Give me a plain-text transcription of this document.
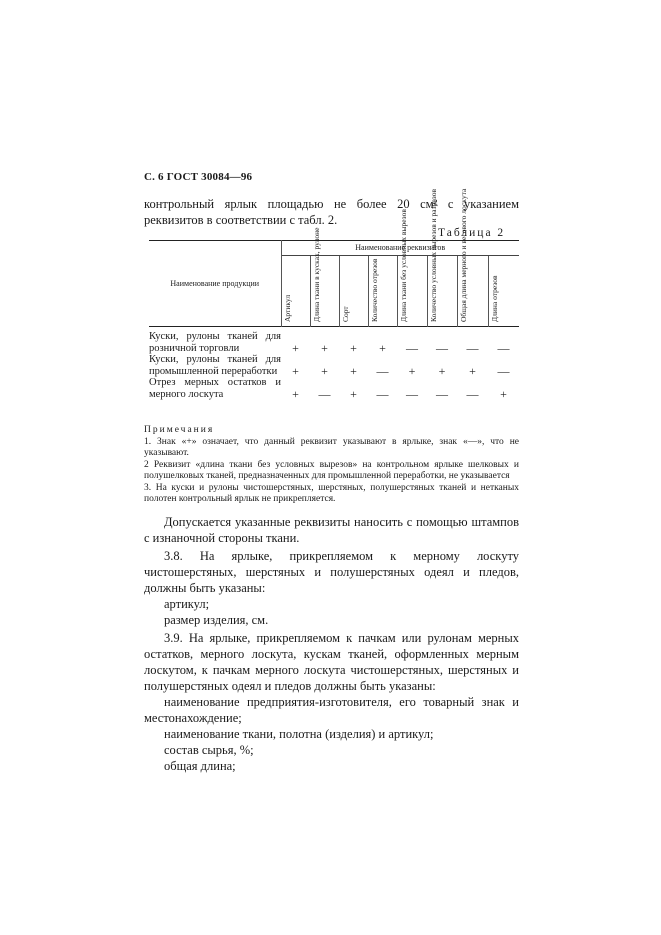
С. 6 ГОСТ 30084—96
контрольный ярлык площадью не более 20 см² с указанием реквизитов в соответствии с табл. 2.
Таблица 2
Наименование продукции	Наименование реквизитов							

	Артикул	Длина ткани в кусках, рулоне	Сорт	Количество отрезов	Длина ткани без условных вырезов	Количество условных вырезов и разрезов	Общая длина мерного и весового лоскута	Длина отрезов

Куски, рулоны тканей для розничной торговли	+	+	+	+	—	—	—	—
Куски, рулоны тканей для промышленной переработки	+	+	+	—	+	+	+	—
Отрез мерных остатков и мерного лоскута	+	—	+	—	—	—	—	+
Примечания
1. Знак «+» означает, что данный реквизит указывают в ярлыке, знак «—», что не указывают.
2 Реквизит «длина ткани без условных вырезов» на контрольном ярлыке шелковых и полушелковых тканей, предназначенных для промышленной переработки, не указывается
3. На куски и рулоны чистошерстяных, шерстяных, полушерстяных тканей и нетканых полотен контрольный ярлык не прикрепляется.
Допускается указанные реквизиты наносить с помощью штампов с изнаночной стороны ткани.
3.8. На ярлыке, прикрепляемом к мерному лоскуту чистошерстяных, шерстяных и полушерстяных одеял и пледов, должны быть указаны:
артикул;
размер изделия, см.
3.9. На ярлыке, прикрепляемом к пачкам или рулонам мерных остатков, мерного лоскута, кускам тканей, оформленных мерным лоскутом, к пачкам мерного лоскута чистошерстяных, шерстяных и полушерстяных одеял и пледов должны быть указаны:
наименование предприятия-изготовителя, его товарный знак и местонахождение;
наименование ткани, полотна (изделия) и артикул;
состав сырья, %;
общая длина;
